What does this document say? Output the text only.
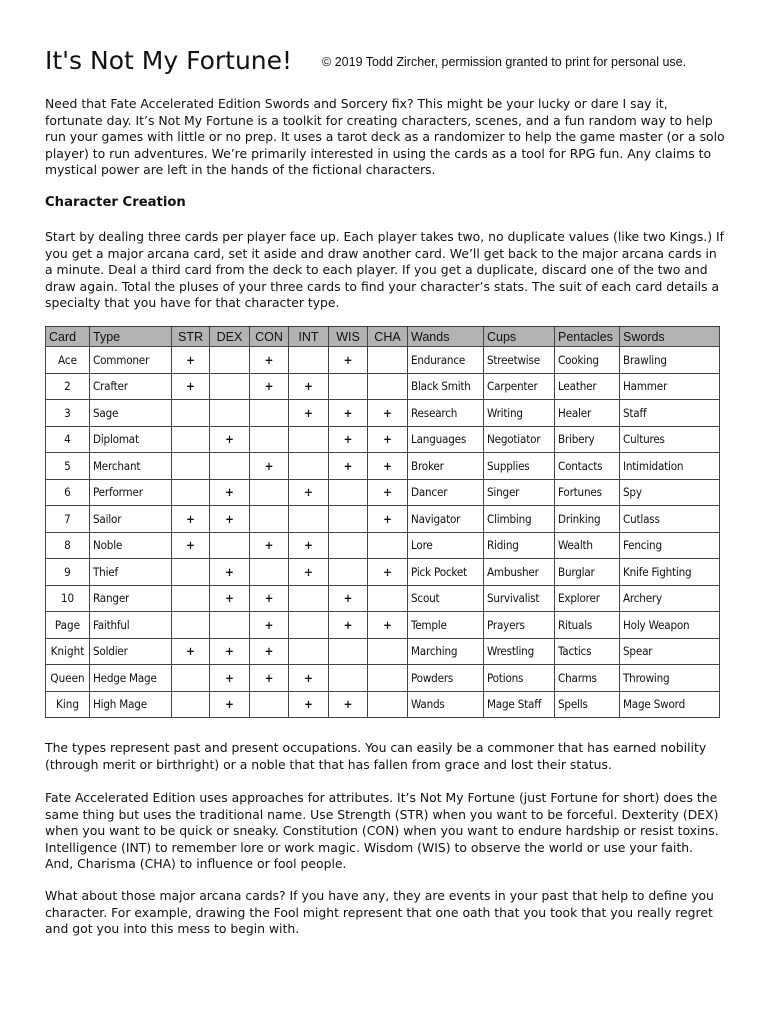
It's Not My Fortune! © 2019 Todd Zircher, permission granted to print for personal use.

Need that Fate Accelerated Edition Swords and Sorcery fix? This might be your lucky or dare I say it, fortunate day. It’s Not My Fortune is a toolkit for creating characters, scenes, and a fun random way to help run your games with little or no prep. It uses a tarot deck as a randomizer to help the game master (or a solo player) to run adventures. We’re primarily interested in using the cards as a tool for RPG fun. Any claims to mystical power are left in the hands of the fictional characters.

Character Creation

Start by dealing three cards per player face up. Each player takes two, no duplicate values (like two Kings.) If you get a major arcana card, set it aside and draw another card. We’ll get back to the major arcana cards in a minute. Deal a third card from the deck to each player. If you get a duplicate, discard one of the two and draw again. Total the pluses of your three cards to find your character’s stats. The suit of each card details a specialty that you have for that character type.

Card	Type	STR	DEX	CON	INT	WIS	CHA	Wands	Cups	Pentacles	Swords
Ace	Commoner	+		+		+		Endurance	Streetwise	Cooking	Brawling
2	Crafter	+		+	+			Black Smith	Carpenter	Leather	Hammer
3	Sage				+	+	+	Research	Writing	Healer	Staff
4	Diplomat		+			+	+	Languages	Negotiator	Bribery	Cultures
5	Merchant			+		+	+	Broker	Supplies	Contacts	Intimidation
6	Performer		+		+		+	Dancer	Singer	Fortunes	Spy
7	Sailor	+	+				+	Navigator	Climbing	Drinking	Cutlass
8	Noble	+		+	+			Lore	Riding	Wealth	Fencing
9	Thief		+		+		+	Pick Pocket	Ambusher	Burglar	Knife Fighting
10	Ranger		+	+		+		Scout	Survivalist	Explorer	Archery
Page	Faithful			+		+	+	Temple	Prayers	Rituals	Holy Weapon
Knight	Soldier	+	+	+				Marching	Wrestling	Tactics	Spear
Queen	Hedge Mage		+	+	+			Powders	Potions	Charms	Throwing
King	High Mage		+		+	+		Wands	Mage Staff	Spells	Mage Sword

The types represent past and present occupations. You can easily be a commoner that has earned nobility (through merit or birthright) or a noble that that has fallen from grace and lost their status.

Fate Accelerated Edition uses approaches for attributes. It’s Not My Fortune (just Fortune for short) does the same thing but uses the traditional name. Use Strength (STR) when you want to be forceful. Dexterity (DEX) when you want to be quick or sneaky. Constitution (CON) when you want to endure hardship or resist toxins. Intelligence (INT) to remember lore or work magic. Wisdom (WIS) to observe the world or use your faith. And, Charisma (CHA) to influence or fool people.

What about those major arcana cards? If you have any, they are events in your past that help to define you character. For example, drawing the Fool might represent that one oath that you took that you really regret and got you into this mess to begin with.
